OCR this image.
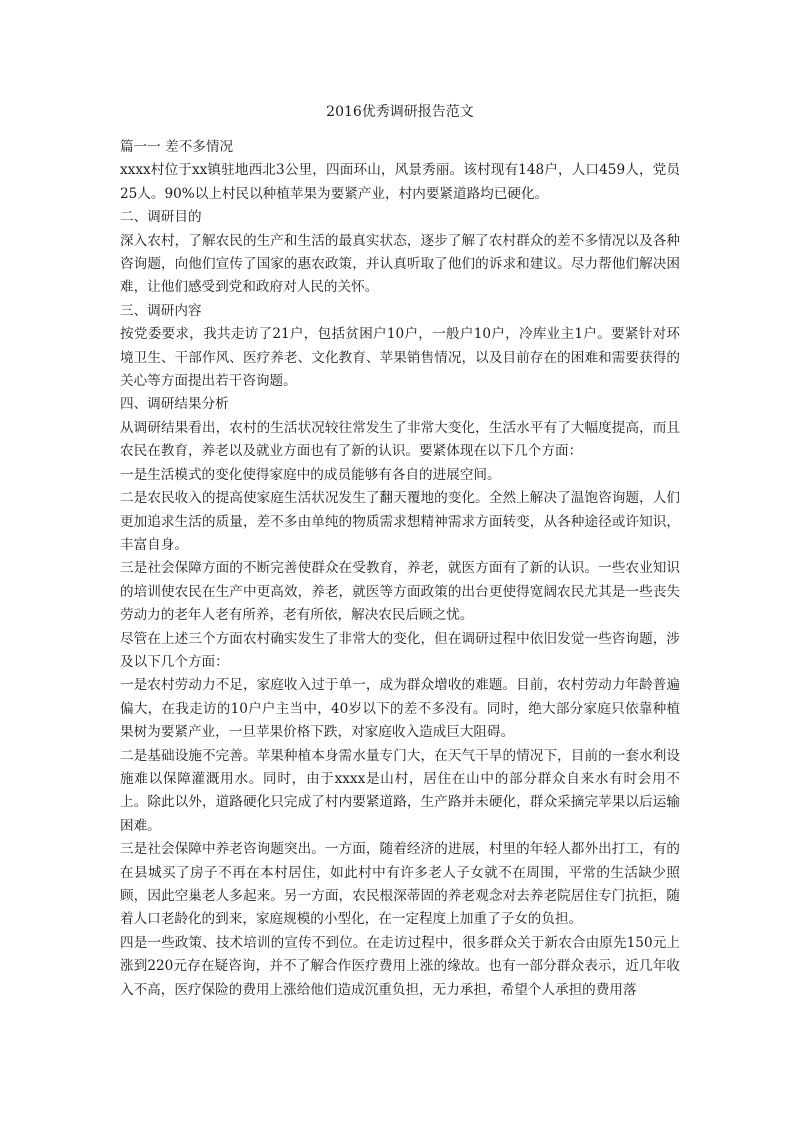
2016优秀调研报告范文

篇一一 差不多情况

xxxx村位于xx镇驻地西北3公里，四面环山，风景秀丽。该村现有148户，人口459人，党员25人。90%以上村民以种植苹果为要紧产业，村内要紧道路均已硬化。

二、调研目的

深入农村，了解农民的生产和生活的最真实状态，逐步了解了农村群众的差不多情况以及各种咨询题，向他们宣传了国家的惠农政策，并认真听取了他们的诉求和建议。尽力帮他们解决困难，让他们感受到党和政府对人民的关怀。

三、调研内容

按党委要求，我共走访了21户，包括贫困户10户，一般户10户，冷库业主1户。要紧针对环境卫生、干部作风、医疗养老、文化教育、苹果销售情况，以及目前存在的困难和需要获得的关心等方面提出若干咨询题。

四、调研结果分析

从调研结果看出，农村的生活状况较往常发生了非常大变化，生活水平有了大幅度提高，而且农民在教育，养老以及就业方面也有了新的认识。要紧体现在以下几个方面：

一是生活模式的变化使得家庭中的成员能够有各自的进展空间。

二是农民收入的提高使家庭生活状况发生了翻天覆地的变化。全然上解决了温饱咨询题，人们更加追求生活的质量，差不多由单纯的物质需求想精神需求方面转变，从各种途径或许知识，丰富自身。

三是社会保障方面的不断完善使群众在受教育，养老，就医方面有了新的认识。一些农业知识的培训使农民在生产中更高效，养老，就医等方面政策的出台更使得宽阔农民尤其是一些丧失劳动力的老年人老有所养，老有所依，解决农民后顾之忧。

尽管在上述三个方面农村确实发生了非常大的变化，但在调研过程中依旧发觉一些咨询题，涉及以下几个方面：

一是农村劳动力不足，家庭收入过于单一，成为群众增收的难题。目前，农村劳动力年龄普遍偏大，在我走访的10户户主当中，40岁以下的差不多没有。同时，绝大部分家庭只依靠种植果树为要紧产业，一旦苹果价格下跌，对家庭收入造成巨大阻碍。

二是基础设施不完善。苹果种植本身需水量专门大，在天气干旱的情况下，目前的一套水利设施难以保障灌溉用水。同时，由于xxxx是山村，居住在山中的部分群众自来水有时会用不上。除此以外，道路硬化只完成了村内要紧道路，生产路并未硬化，群众采摘完苹果以后运输困难。

三是社会保障中养老咨询题突出。一方面，随着经济的进展，村里的年轻人都外出打工，有的在县城买了房子不再在本村居住，如此村中有许多老人子女就不在周围，平常的生活缺少照顾，因此空巢老人多起来。另一方面，农民根深蒂固的养老观念对去养老院居住专门抗拒，随着人口老龄化的到来，家庭规模的小型化，在一定程度上加重了子女的负担。

四是一些政策、技术培训的宣传不到位。在走访过程中，很多群众关于新农合由原先150元上涨到220元存在疑咨询，并不了解合作医疗费用上涨的缘故。也有一部分群众表示，近几年收入不高，医疗保险的费用上涨给他们造成沉重负担，无力承担，希望个人承担的费用落
